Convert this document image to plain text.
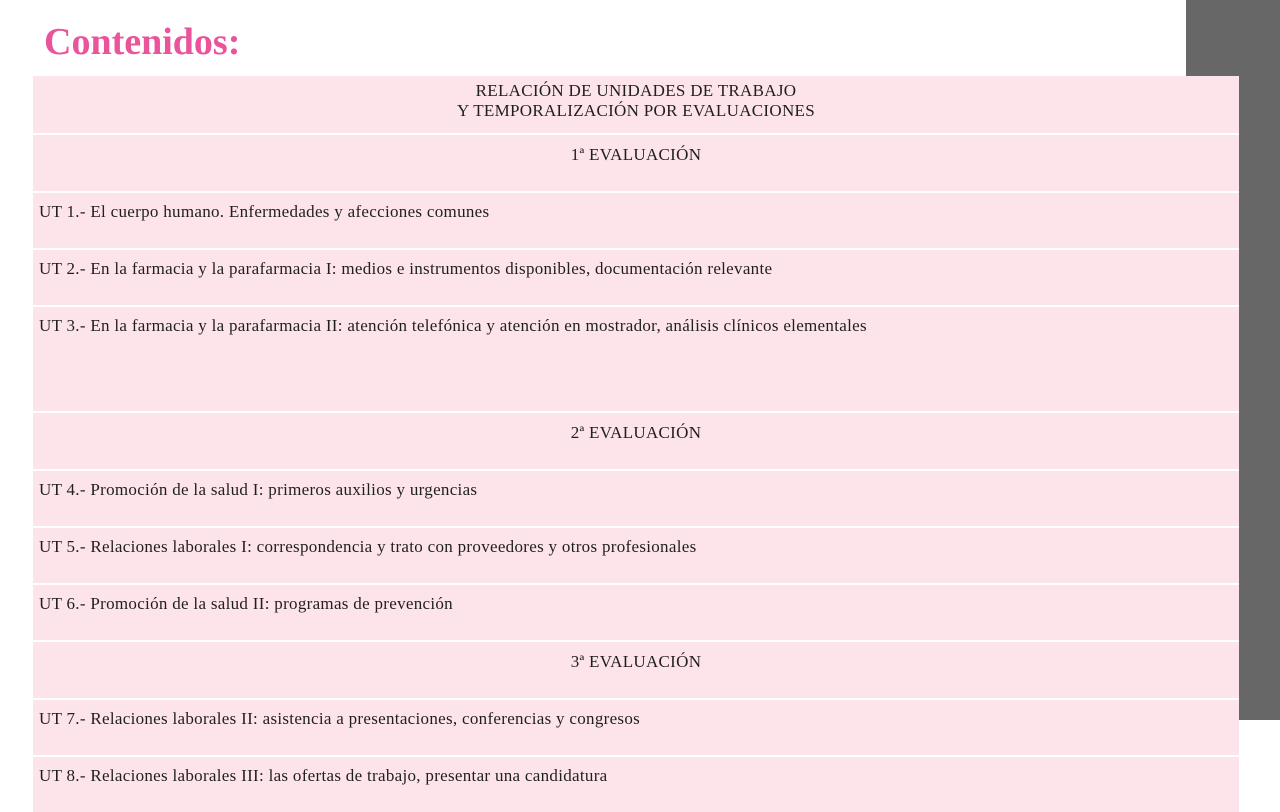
Contenidos:
RELACIÓN DE UNIDADES DE TRABAJO
Y TEMPORALIZACIÓN POR EVALUACIONES

1ª EVALUACIÓN
UT 1.- El cuerpo humano. Enfermedades y afecciones comunes
UT 2.- En la farmacia y la parafarmacia I: medios e instrumentos disponibles, documentación relevante
UT 3.- En la farmacia y la parafarmacia II: atención telefónica y atención en mostrador, análisis clínicos elementales
2ª EVALUACIÓN
UT 4.- Promoción de la salud I: primeros auxilios y urgencias
UT 5.- Relaciones laborales I: correspondencia y trato con proveedores y otros profesionales
UT 6.- Promoción de la salud II: programas de prevención
3ª EVALUACIÓN
UT 7.- Relaciones laborales II: asistencia a presentaciones, conferencias y congresos
UT 8.- Relaciones laborales III: las ofertas de trabajo, presentar una candidatura
